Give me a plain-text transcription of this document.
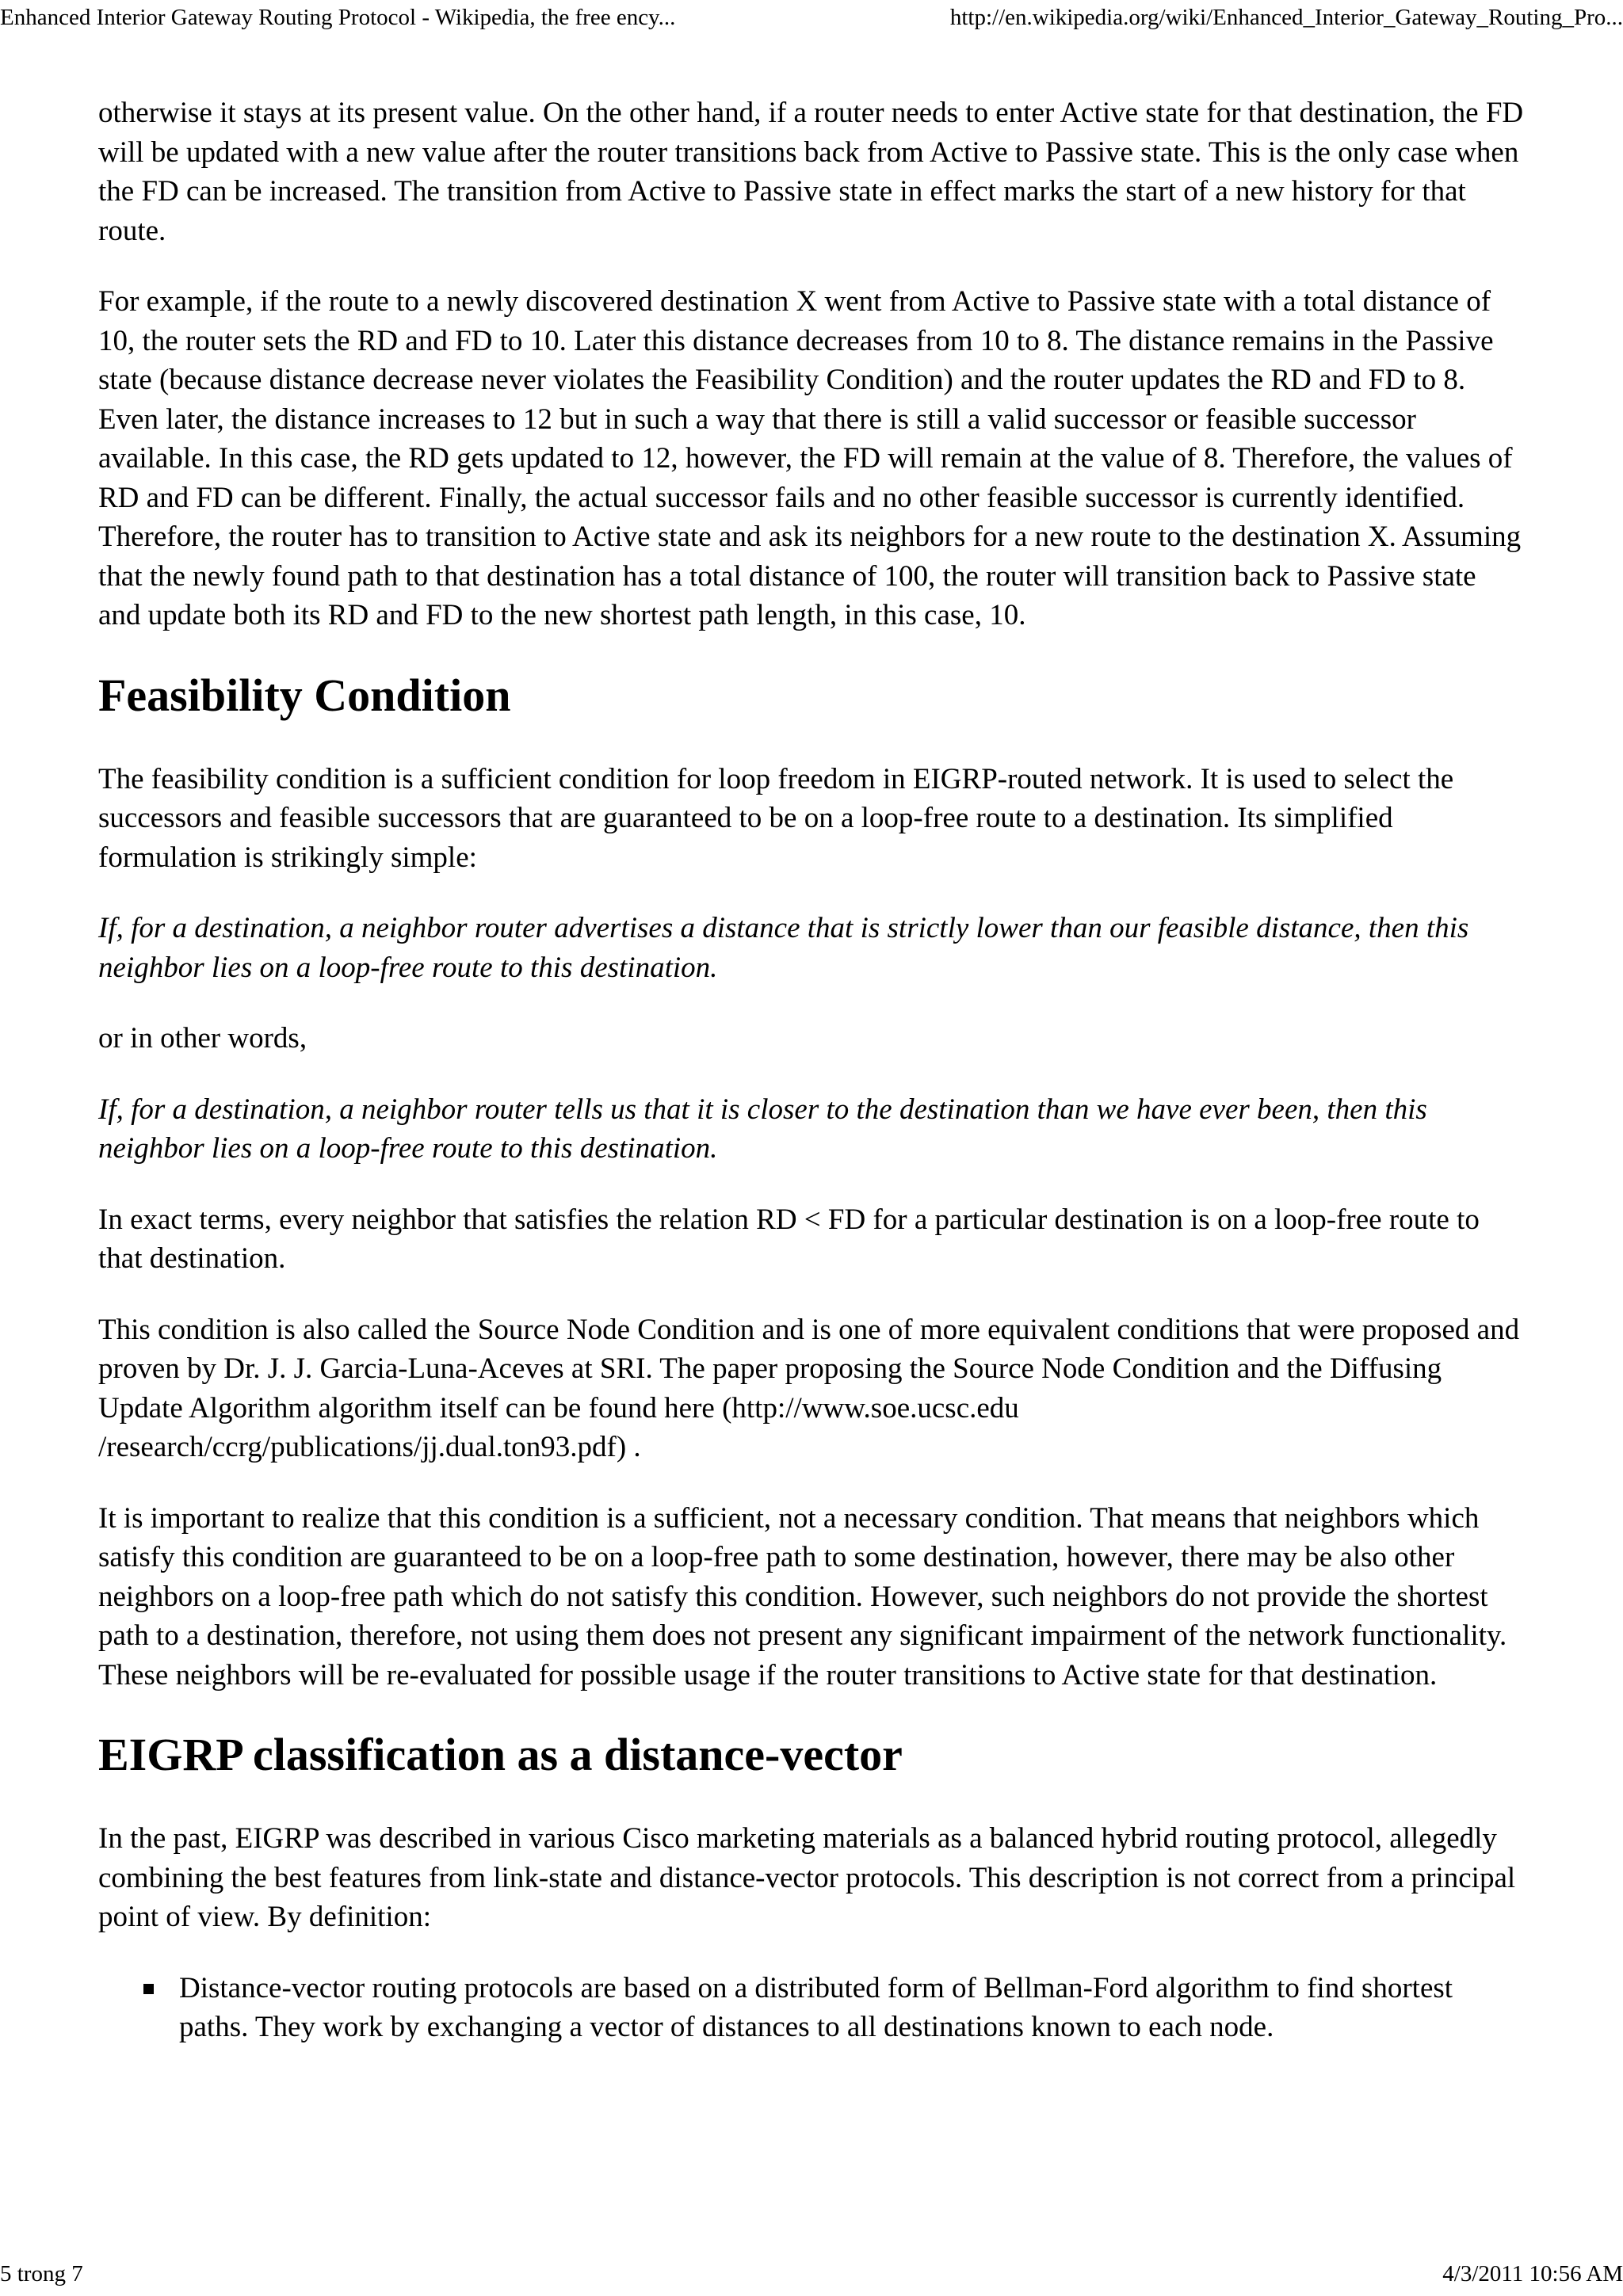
Enhanced Interior Gateway Routing Protocol - Wikipedia, the free ency...	http://en.wikipedia.org/wiki/Enhanced_Interior_Gateway_Routing_Pro...

otherwise it stays at its present value. On the other hand, if a router needs to enter Active state for that destination, the FD will be updated with a new value after the router transitions back from Active to Passive state. This is the only case when the FD can be increased. The transition from Active to Passive state in effect marks the start of a new history for that route.

For example, if the route to a newly discovered destination X went from Active to Passive state with a total distance of 10, the router sets the RD and FD to 10. Later this distance decreases from 10 to 8. The distance remains in the Passive state (because distance decrease never violates the Feasibility Condition) and the router updates the RD and FD to 8. Even later, the distance increases to 12 but in such a way that there is still a valid successor or feasible successor available. In this case, the RD gets updated to 12, however, the FD will remain at the value of 8. Therefore, the values of RD and FD can be different. Finally, the actual successor fails and no other feasible successor is currently identified. Therefore, the router has to transition to Active state and ask its neighbors for a new route to the destination X. Assuming that the newly found path to that destination has a total distance of 100, the router will transition back to Passive state and update both its RD and FD to the new shortest path length, in this case, 10.

Feasibility Condition

The feasibility condition is a sufficient condition for loop freedom in EIGRP-routed network. It is used to select the successors and feasible successors that are guaranteed to be on a loop-free route to a destination. Its simplified formulation is strikingly simple:

If, for a destination, a neighbor router advertises a distance that is strictly lower than our feasible distance, then this neighbor lies on a loop-free route to this destination.

or in other words,

If, for a destination, a neighbor router tells us that it is closer to the destination than we have ever been, then this neighbor lies on a loop-free route to this destination.

In exact terms, every neighbor that satisfies the relation RD < FD for a particular destination is on a loop-free route to that destination.

This condition is also called the Source Node Condition and is one of more equivalent conditions that were proposed and proven by Dr. J. J. Garcia-Luna-Aceves at SRI. The paper proposing the Source Node Condition and the Diffusing Update Algorithm algorithm itself can be found here (http://www.soe.ucsc.edu /research/ccrg/publications/jj.dual.ton93.pdf) .

It is important to realize that this condition is a sufficient, not a necessary condition. That means that neighbors which satisfy this condition are guaranteed to be on a loop-free path to some destination, however, there may be also other neighbors on a loop-free path which do not satisfy this condition. However, such neighbors do not provide the shortest path to a destination, therefore, not using them does not present any significant impairment of the network functionality. These neighbors will be re-evaluated for possible usage if the router transitions to Active state for that destination.

EIGRP classification as a distance-vector

In the past, EIGRP was described in various Cisco marketing materials as a balanced hybrid routing protocol, allegedly combining the best features from link-state and distance-vector protocols. This description is not correct from a principal point of view. By definition:

Distance-vector routing protocols are based on a distributed form of Bellman-Ford algorithm to find shortest paths. They work by exchanging a vector of distances to all destinations known to each node.
5 trong 7	4/3/2011 10:56 AM
